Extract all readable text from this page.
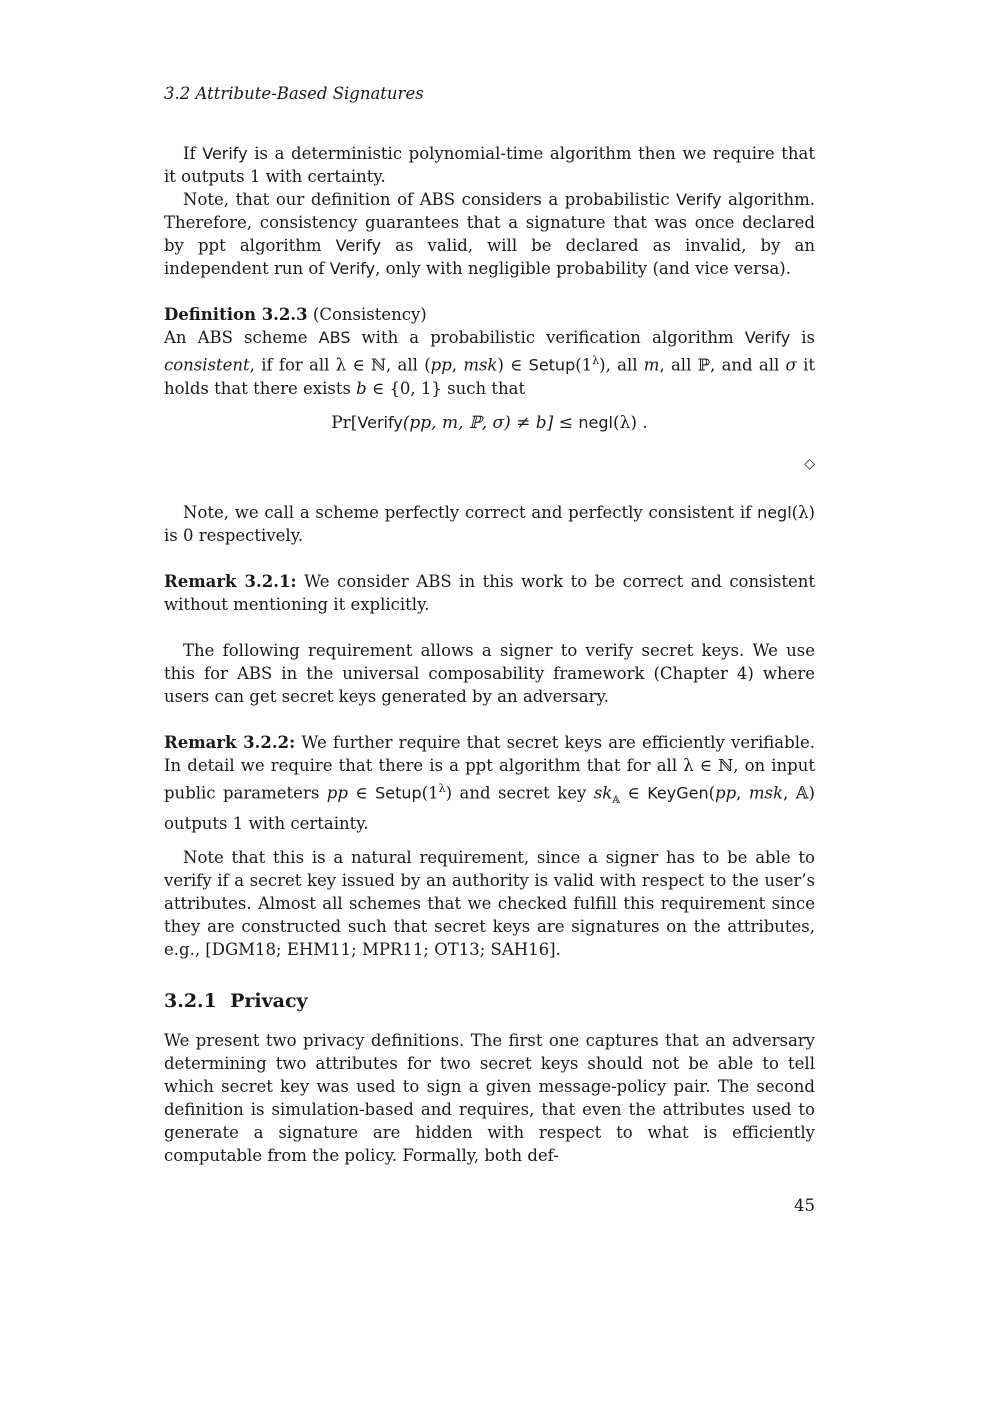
3.2 Attribute-Based Signatures

If Verify is a deterministic polynomial-time algorithm then we require that it outputs 1 with certainty.

Note, that our definition of ABS considers a probabilistic Verify algorithm. Therefore, consistency guarantees that a signature that was once declared by ppt algorithm Verify as valid, will be declared as invalid, by an independent run of Verify, only with negligible probability (and vice versa).

Definition 3.2.3 (Consistency)

An ABS scheme ABS with a probabilistic verification algorithm Verify is consistent, if for all λ ∈ ℕ, all (pp, msk) ∈ $Setup(1^\lambda)$, all m, all ℙ, and all σ it holds that there exists b ∈ {0, 1} such that

Pr[Verify(pp, m, ℙ, σ) ≠ b] ≤ negl(λ) .
◇

Note, we call a scheme perfectly correct and perfectly consistent if negl(λ) is 0 respectively.

Remark 3.2.1: We consider ABS in this work to be correct and consistent without mentioning it explicitly.

The following requirement allows a signer to verify secret keys. We use this for ABS in the universal composability framework (Chapter 4) where users can get secret keys generated by an adversary.

Remark 3.2.2: We further require that secret keys are efficiently verifiable. In detail we require that there is a ppt algorithm that for all λ ∈ ℕ, on input public parameters pp ∈ $Setup(1^\lambda)$ and secret key $sk_𝔸$ ∈ KeyGen(pp, msk, 𝔸) outputs 1 with certainty.

Note that this is a natural requirement, since a signer has to be able to verify if a secret key issued by an authority is valid with respect to the user’s attributes. Almost all schemes that we checked fulfill this requirement since they are constructed such that secret keys are signatures on the attributes, e.g., [DGM18; EHM11; MPR11; OT13; SAH16].

3.2.1 Privacy

We present two privacy definitions. The first one captures that an adversary determining two attributes for two secret keys should not be able to tell which secret key was used to sign a given message-policy pair. The second definition is simulation-based and requires, that even the attributes used to generate a signature are hidden with respect to what is efficiently computable from the policy. Formally, both def-

45
